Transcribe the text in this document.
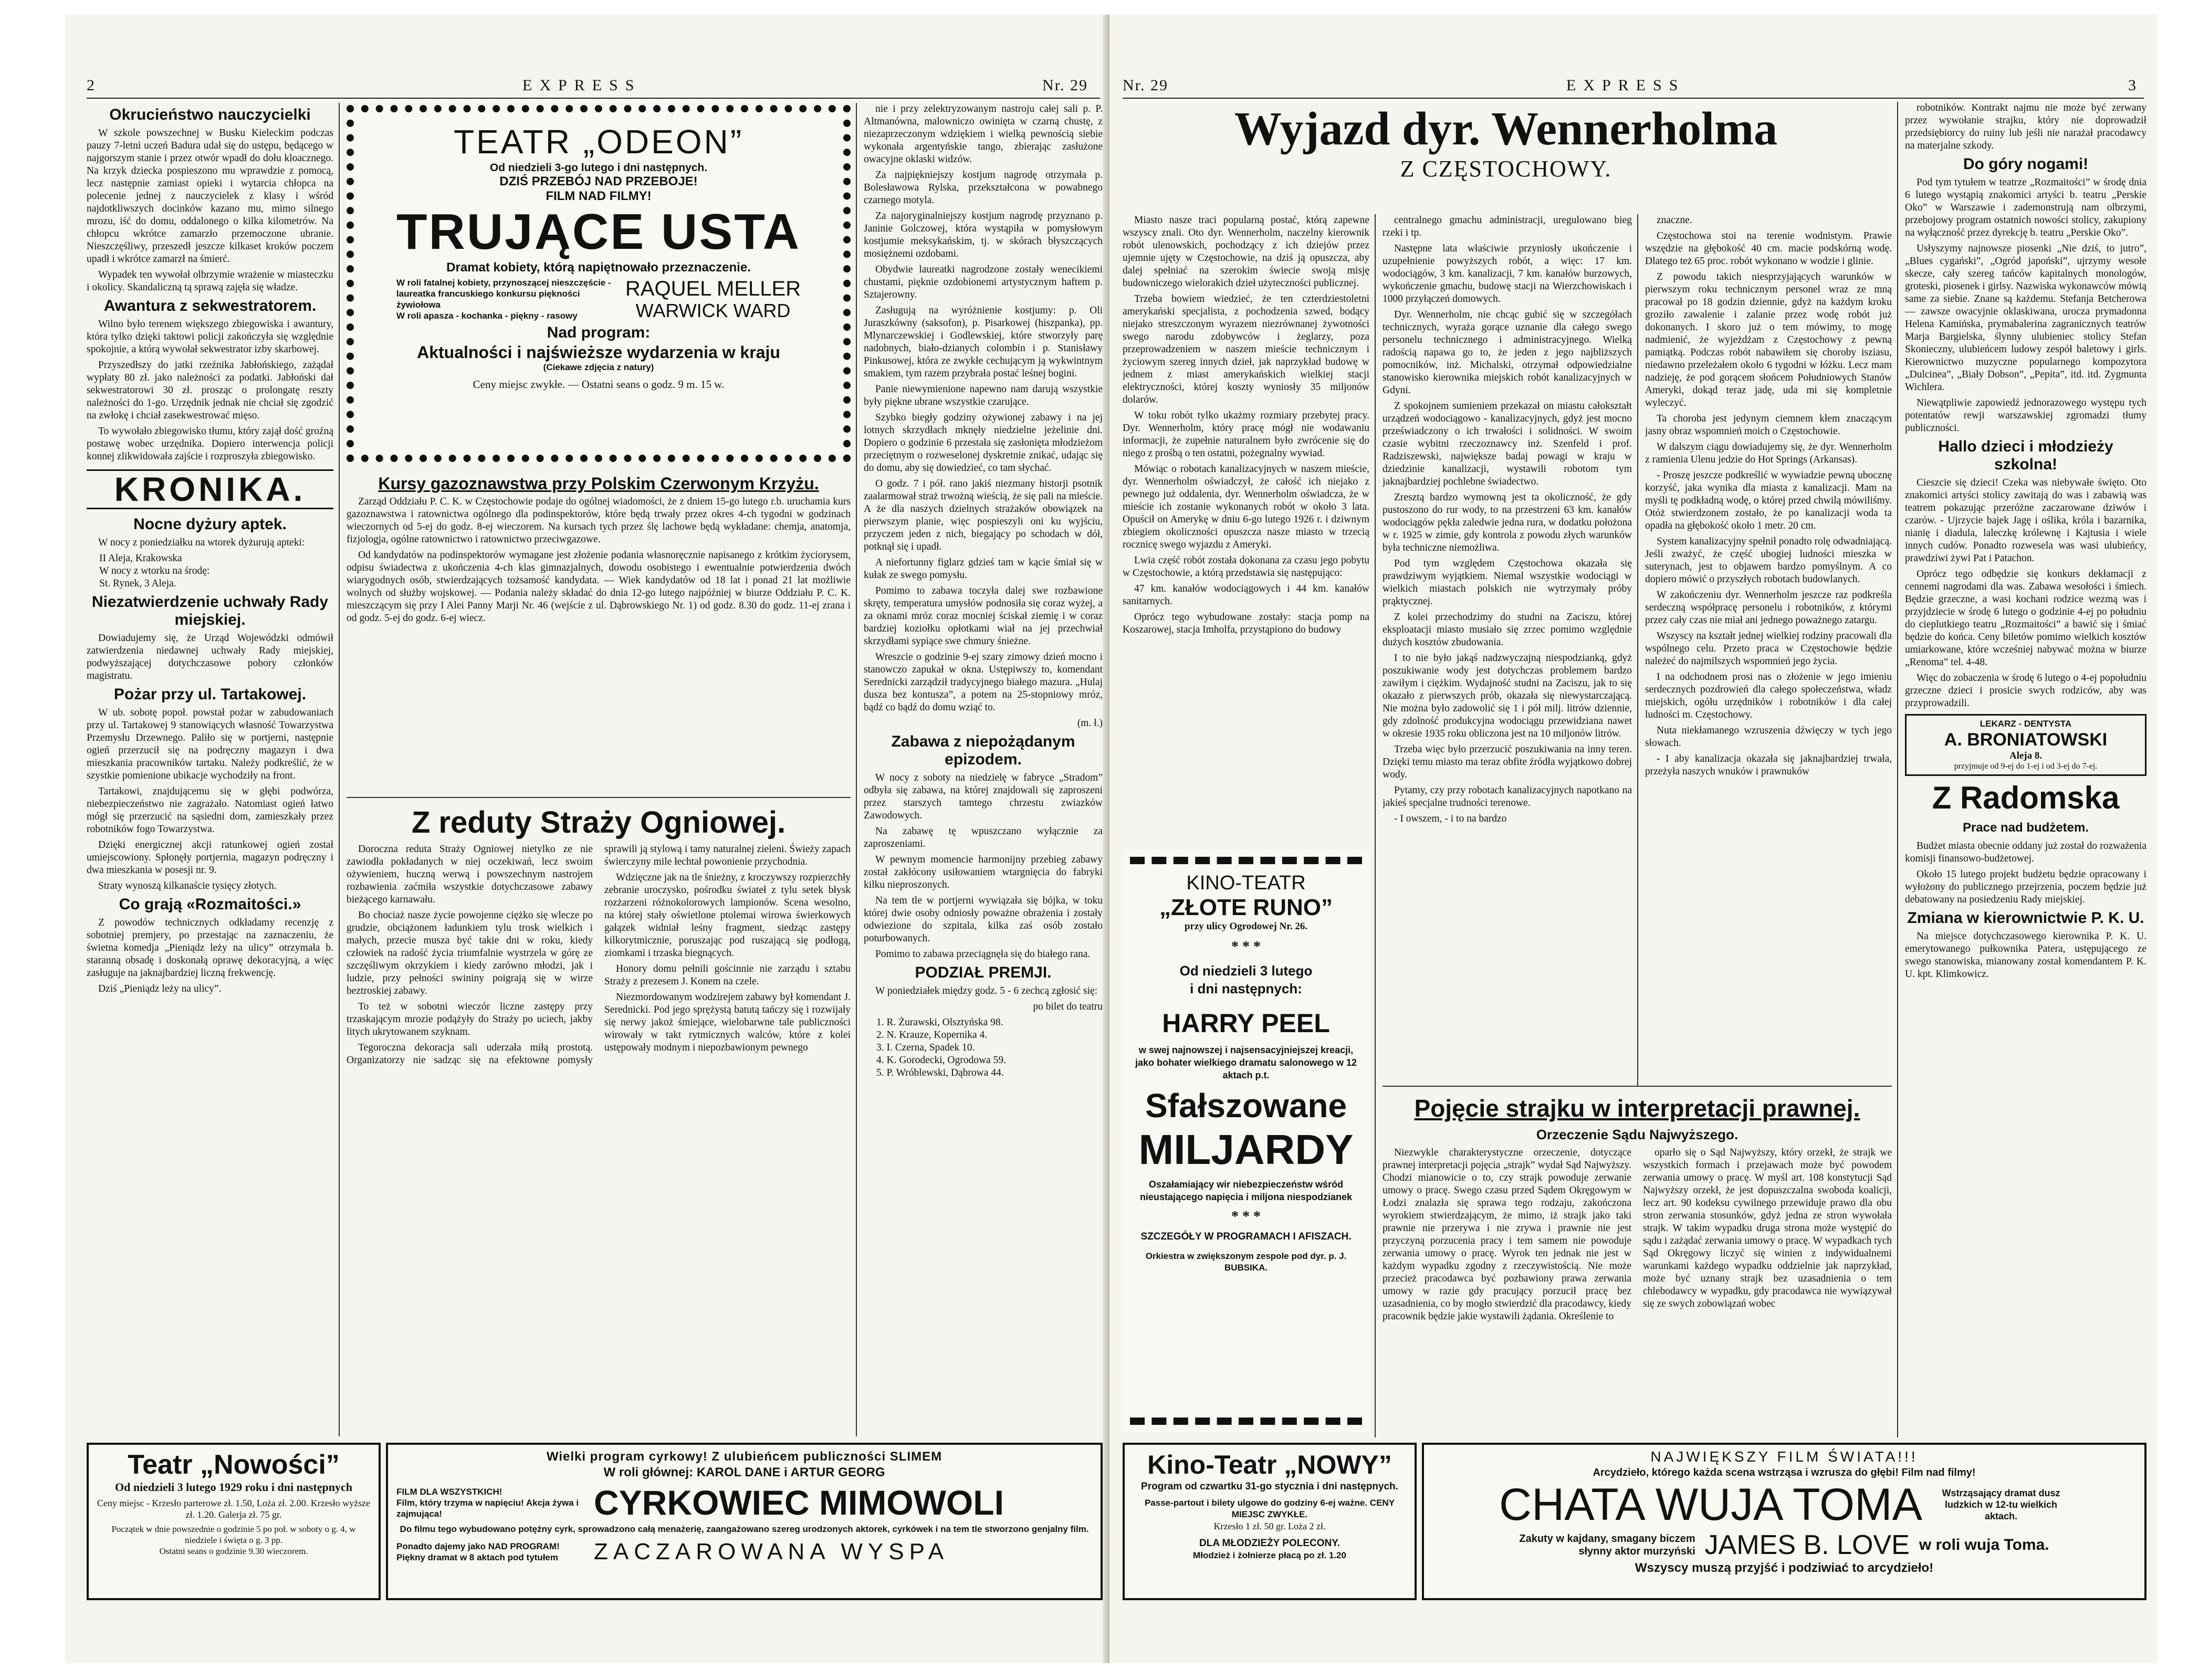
2	EXPRESS	Nr. 29
Okrucieństwo nauczycielki

W szkole powszechnej w Busku Kieleckim podczas pauzy 7-letni uczeń Badura udał się do ustępu, będącego w najgorszym stanie i przez otwór wpadł do dołu kloacznego. Na krzyk dziecka pospieszono mu wprawdzie z pomocą, lecz następnie zamiast opieki i wytarcia chłopca na polecenie jednej z nauczycielek z klasy i wśród najdotkliwszych docinków kazano mu, mimo silnego mrozu, iść do domu, oddalonego o kilka kilometrów. Na chłopcu wkrótce zamarzło przemoczone ubranie. Nieszczęśliwy, przeszedł jeszcze kilkaset kroków poczem upadł i wkrótce zamarzł na śmierć.

Wypadek ten wywołał olbrzymie wrażenie w miasteczku i okolicy. Skandaliczną tą sprawą zajęła się władze.

Awantura z sekwestratorem.

Wilno było terenem większego zbiegowiska i awantury, która tylko dzięki taktowi policji zakończyła się względnie spokojnie, a którą wywołał sekwestrator izby skarbowej.

Przyszedłszy do jatki rzeźnika Jabłońskiego, zażądał wypłaty 80 zł. jako należności za podatki. Jabłoński dał sekwestratorowi 30 zł. prosząc o prolongatę reszty należności do 1-go. Urzędnik jednak nie chciał się zgodzić na zwłokę i chciał zasekwestrować mięso.

To wywołało zbiegowisko tłumu, który zajął dość groźną postawę wobec urzędnika. Dopiero interwencja policji konnej zlikwidowała zajście i rozproszyła zbiegowisko.

KRONIKA.
Nocne dyżury aptek.

W nocy z poniedziałku na wtorek dyżurują apteki:

II Aleja, Krakowska

W nocy z wtorku na środę:

St. Rynek, 3 Aleja.

Niezatwierdzenie uchwały Rady miejskiej.

Dowiadujemy się, że Urząd Wojewódzki odmówił zatwierdzenia niedawnej uchwały Rady miejskiej, podwyższającej dotychczasowe pobory członków magistratu.

Pożar przy ul. Tartakowej.

W ub. sobotę popoł. powstał pożar w zabudowaniach przy ul. Tartakowej 9 stanowiących własność Towarzystwa Przemysłu Drzewnego. Paliło się w portjerni, następnie ogień przerzucił się na podręczny magazyn i dwa mieszkania pracowników tartaku. Należy podkreślić, że w szystkie pomienione ubikacje wychodziły na front.

Tartakowi, znajdującemu się w głębi podwórza, niebezpieczeństwo nie zagrażało. Natomiast ogień łatwo mógł się przerzucić na sąsiedni dom, zamieszkały przez robotników fogo Towarzystwa.

Dzięki energicznej akcji ratunkowej ogień został umiejscowiony. Spłonęły portjernia, magazyn podręczny i dwa mieszkania w posesji nr. 9.

Straty wynoszą kilkanaście tysięcy złotych.

Co grają «Rozmaitości.»

Z powodów technicznych odkładamy recenzję z sobotniej premjery, po przestając na zaznaczeniu, że świetna komedja „Pieniądz leży na ulicy” otrzymała b. staranną obsadę i doskonałą oprawę dekoracyjną, a więc zasługuje na jaknajbardziej liczną frekwencję.

Dziś „Pieniądz leży na ulicy”.

TEATR „ODEON”

Od niedzieli 3-go lutego i dni następnych.

DZIŚ PRZEBÓJ NAD PRZEBOJE!

FILM NAD FILMY!

TRUJĄCE USTA

Dramat kobiety, którą napiętnowało przeznaczenie.

W roli fatalnej kobiety, przynoszącej nieszczęście -

laureatka francuskiego konkursu piękności żywiołowa

W roli apasza - kochanka - piękny - rasowy

RAQUEL MELLER

WARWICK WARD

Nad program:

Aktualności i najświeższe wydarzenia w kraju

(Ciekawe zdjęcia z natury)

Ceny miejsc zwykłe. — Ostatni seans o godz. 9 m. 15 w.

Kursy gazoznawstwa przy Polskim Czerwonym Krzyżu.

Zarząd Oddziału P. C. K. w Częstochowie podaje do ogólnej wiadomości, że z dniem 15-go lutego r.b. uruchamia kurs gazoznawstwa i ratownictwa ogólnego dla podinspektorów, które będą trwały przez okres 4-ch tygodni w godzinach wieczornych od 5-ej do godz. 8-ej wieczorem. Na kursach tych przez ślę lachowe będą wykładane: chemja, anatomja, fizjologja, ogólne ratownictwo i ratownictwo przeciwgazowe.

Od kandydatów na podinspektorów wymagane jest złożenie podania własnoręcznie napisanego z krótkim życiorysem, odpisu świadectwa z ukończenia 4-ch klas gimnazjalnych, dowodu osobistego i ewentualnie potwierdzenia dwóch wiarygodnych osób, stwierdzających tożsamość kandydata. — Wiek kandydatów od 18 lat i ponad 21 lat możliwie wolnych od służby wojskowej. — Podania należy składać do dnia 12-go lutego najpóźniej w biurze Oddziału P. C. K. mieszczącym się przy I Alei Panny Marji Nr. 46 (wejście z ul. Dąbrowskiego Nr. 1) od godz. 8.30 do godz. 11-ej zrana i od godz. 5-ej do godz. 6-ej wiecz.

Z reduty Straży Ogniowej.

Doroczna reduta Straży Ogniowej nietylko ze nie zawiodła pokładanych w niej oczekiwań, lecz swoim ożywieniem, huczną werwą i powszechnym nastrojem rozbawienia zaćmiła wszystkie dotychczasowe zabawy bieżącego karnawału.

Bo chociaż nasze życie powojenne ciężko się wlecze po grudzie, obciążonem ładunkiem tylu trosk wielkich i małych, przecie musza być takie dni w roku, kiedy człowiek na radość życia triumfalnie wystrzela w górę ze szczęśliwym okrzykiem i kiedy zarówno młodzi, jak i ludzie, przy pełności swininy poigrają się w wirze beztroskiej zabawy.

To też w sobotni wieczór liczne zastępy przy trzaskającym mrozie podążyły do Straży po uciech, jakby litych ukrytowanem szyknam.

Tegoroczna dekoracja sali uderzała miłą prostotą. Organizatorzy nie sadząc się na efektowne pomysły sprawili ją stylową i tamy naturalnej zieleni. Świeży zapach świerczyny mile łechtał powonienie przychodnia.

Wdzięczne jak na tle śnieżny, z kroczywszy rozpierzchły zebranie uroczysko, pośrodku świateł z tylu setek błysk rozżarzeni różnokolorowych lampionów. Scena wesolno, na której stały oświetlone ptolemai wirowa świerkowych gałązek widniał leśny fragment, siedząc zastępy kilkorytmicznie, poruszając pod ruszającą się podłogą, ziomkami i trzaska biegnących.

Honory domu pełnili gościnnie nie zarządu i sztabu Straży z prezesem J. Konem na czele.

Niezmordowanym wodzirejem zabawy był komendant J. Serednicki. Pod jego sprężystą batutą tańczy się i rozwijały się nerwy jakoż śmiejące, wielobarwne tale publiczności wirowały w takt rytmicznych walców, które z kolei ustępowały modnym i niepozbawionym pewnego

nie i przy zelektryzowanym nastroju całej sali p. P. Altmanówna, malowniczo owinięta w czarną chustę, z niezaprzeczonym wdziękiem i wielką pewnością siebie wykonała argentyńskie tango, zbierając zasłużone owacyjne oklaski widzów.

Za najpiękniejszy kostjum nagrodę otrzymała p. Bolesławowa Rylska, przekształcona w powabnego czarnego motyla.

Za najoryginalniejszy kostjum nagrodę przyznano p. Janinie Golczowej, która wystąpiła w pomysłowym kostjumie meksykańskim, tj. w skórach błyszczących mosiężnemi ozdobami.

Obydwie laureatki nagrodzone zostały wenecikiemi chustami, pięknie ozdobionemi artystycznym haftem p. Sztajerowny.

Zasługują na wyróżnienie kostjumy: p. Oli Juraszkówny (saksofon), p. Pisarkowej (hiszpanka), pp. Mlynarczewskiej i Godlewskiej, które stworzyły parę nadobnych, biało-dzianych colombin i p. Stanisławy Pinkusowej, która ze zwykłe cechującym ją wykwintnym smakiem, tym razem przybrała postać leśnej bogini.

Panie niewymienione napewno nam darują wszystkie były piękne ubrane wszystkie czarujące.

Szybko biegły godziny ożywionej zabawy i na jej lotnych skrzydłach mknęły niedzielne jeżelinie dni. Dopiero o godzinie 6 przestała się zasłonięta młodzieżom przeciętnym o rozweselonej dyskretnie znikać, udając się do domu, aby się dowiedzieć, co tam słychać.

O godz. 7 i pół. rano jakiś niezmany historji psotnik zaalarmował straż trwożną wieścią, że się pali na mieście. A że dla naszych dzielnych strażaków obowiązek na pierwszym planie, więc pospieszyli oni ku wyjściu, przyczem jeden z nich, biegający po schodach w dół, potknął się i upadł.

A niefortunny figlarz gdzieś tam w kącie śmiał się w kułak ze swego pomysłu.

Pomimo to zabawa toczyła dalej swe rozbawione skręty, temperatura umysłów podnosiła się coraz wyżej, a za oknami mróz coraz mocniej ściskał ziemię i w coraz bardziej koziołku opłotkami wiał na jej przechwiał skrzydłami sypiące swe chmury śnieżne.

Wreszcie o godzinie 9-ej szary zimowy dzień mocno i stanowczo zapukał w okna. Ustępiwszy to, komendant Serednicki zarządził tradycyjnego białego mazura. „Hulaj dusza bez kontusza”, a potem na 25-stopniowy mróz, bądź co bądź do domu wziąć to.

(m. ł.)

Zabawa z niepożądanym epizodem.

W nocy z soboty na niedzielę w fabryce „Stradom” odbyła się zabawa, na której znajdowali się zaproszeni przez starszych tamtego chrzestu zwiazków Zawodowych.

Na zabawę tę wpuszczano wyłącznie za zaproszeniami.

W pewnym momencie harmonijny przebieg zabawy został zakłócony usiłowaniem wtargnięcia do fabryki kilku nieproszonych.

Na tem tle w portjerni wywiązała się bójka, w toku której dwie osoby odniosły poważne obrażenia i zostały odwiezione do szpitala, kilka zaś osób zostało poturbowanych.

Pomimo to zabawa przeciągnęła się do białego rana.

PODZIAŁ PREMJI.

W poniedziałek między godz. 5 - 6 zechcą zgłosić się:

po bilet do teatru

1. R. Żurawski, Olsztyńska 98.

2. N. Krauze, Kopernika 4.

3. I. Czerna, Spadek 10.

4. K. Gorodecki, Ogrodowa 59.

5. P. Wróblewski, Dąbrowa 44.

Teatr „Nowości”

Od niedzieli 3 lutego 1929 roku i dni następnych

Ceny miejsc - Krzesło parterowe zł. 1.50, Loża zł. 2.00. Krzesło wyższe zł. 1.20. Galerja zł. 75 gr.

Początek w dnie powszednie o godzinie 5 po poł. w soboty o g. 4, w niedziele i święta o g. 3 pp.

Ostatni seans o godzinie 9.30 wieczorem.

Wielki program cyrkowy! Z ulubieńcem publiczności SLIMEM

W roli głównej: KAROL DANE i ARTUR GEORG

FILM DLA WSZYSTKICH!

Film, który trzyma w napięciu! Akcja żywa i zajmująca!	CYRKOWIEC MIMOWOLI

Do filmu tego wybudowano potężny cyrk, sprowadzono całą menażerię, zaangażowano szereg urodzonych aktorek, cyrkówek i na tem tle stworzono genjalny film.

Ponadto dajemy jako NAD PROGRAM!

Piękny dramat w 8 aktach pod tytułem	ZACZAROWANA WYSPA

Nr. 29	EXPRESS	3
Wyjazd dyr. Wennerholma
Z CZĘSTOCHOWY.

Miasto nasze traci popularną postać, którą zapewne wszyscy znali. Oto dyr. Wennerholm, naczelny kierownik robót ulenowskich, pochodzący z ich dziejów przez ujemnie ujęty w Częstochowie, na dziś ją opuszcza, aby dalej spełniać na szerokim świecie swoją misję budowniczego wielorakich dzieł użyteczności publicznej.

Trzeba bowiem wiedzieć, że ten czterdziestoletni amerykański specjalista, z pochodzenia szwed, bodący niejako streszczonym wyrazem niezrównanej żywotności swego narodu zdobywców i żeglarzy, poza przeprowadzeniem w naszem mieście technicznym i życiowym szereg innych dzieł, jak naprzykład budowę w jednem z miast amerykańskich wielkiej stacji elektryczności, której koszty wyniosły 35 miljonów dolarów.

W toku robót tylko ukażmy rozmiary przebytej pracy. Dyr. Wennerholm, który pracę mógł nie wodawaniu informacji, że zupełnie naturalnem było zwrócenie się do niego z prośbą o ten ostatni, pożegnalny wywiad.

Mówiąc o robotach kanalizacyjnych w naszem mieście, dyr. Wennerholm oświadczył, że całość ich niejako z pewnego już oddalenia, dyr. Wennerholm oświadcza, że w mieście ich zostanie wykonanych robót w około 3 lata. Opuścił on Amerykę w dniu 6-go lutego 1926 r. i dziwnym zbiegiem okoliczności opuszcza nasze miasto w trzecią rocznicę swego wyjazdu z Ameryki.

Lwia część robót została dokonana za czasu jego pobytu w Częstochowie, a którą przedstawia się następująco:

47 km. kanałów wodociągowych i 44 km. kanałów sanitarnych.

Oprócz tego wybudowane zostały: stacja pomp na Koszarowej, stacja Imholfa, przystąpiono do budowy

KINO-TEATR

„ZŁOTE RUNO”

przy ulicy Ogrodowej Nr. 26.

* * *

Od niedzieli 3 lutego

i dni następnych:

HARRY PEEL

w swej najnowszej i najsensacyjniejszej kreacji, jako bohater wielkiego dramatu salonowego w 12 aktach p.t.

Sfałszowane

MILJARDY

Oszałamiający wir niebezpieczeństw wśród nieustającego napięcia i miljona niespodzianek

* * *

SZCZEGÓŁY W PROGRAMACH I AFISZACH.

Orkiestra w zwiększonym zespole pod dyr. p. J. BUBSIKA.

centralnego gmachu administracji, uregulowano bieg rzeki i tp.

Następne lata właściwie przyniosły ukończenie i uzupełnienie powyższych robót, a więc: 17 km. wodociągów, 3 km. kanalizacji, 7 km. kanałów burzowych, wykończenie gmachu, budowę stacji na Wierzchowiskach i 1000 przyłączeń domowych.

Dyr. Wennerholm, nie chcąc gubić się w szczegółach technicznych, wyraża gorące uznanie dla całego swego personelu technicznego i administracyjnego. Wielką radością napawa go to, że jeden z jego najbliższych pomocników, inż. Michalski, otrzymał odpowiedzialne stanowisko kierownika miejskich robót kanalizacyjnych w Gdyni.

Z spokojnem sumieniem przekazał on miastu całokształt urządzeń wodociągowo - kanalizacyjnych, gdyż jest mocno przeświadczony o ich trwałości i solidności. W swoim czasie wybitni rzeczoznawcy inż. Szenfeld i prof. Radziszewski, największe badaj powagi w kraju w dziedzinie kanalizacji, wystawili robotom tym jaknajbardziej pochlebne świadectwo.

Zresztą bardzo wymowną jest ta okoliczność, że gdy pustoszono do rur wody, to na przestrzeni 63 km. kanałów wodociągów pękła zaledwie jedna rura, w dodatku położona w r. 1925 w zimie, gdy kontrola z powodu złych warunków była techniczne niemożliwa.

Pod tym względem Częstochowa okazała się prawdziwym wyjątkiem. Niemal wszystkie wodociągi w wielkich miastach polskich nie wytrzymały próby prąktycznej.

Z kolei przechodzimy do studni na Zaciszu, której eksploatacji miasto musiało się zrzec pomimo względnie dużych kosztów zbudowania.

I to nie było jakąś nadzwyczajną niespodzianką, gdyż poszukiwanie wody jest dotychczas problemem bardzo zawiłym i ciężkim. Wydajność studni na Zaciszu, jak to się okazało z pierwszych prób, okazała się niewystarczającą. Nie można było zadowolić się 1 i pół milj. litrów dziennie, gdy zdolność produkcyjna wodociągu przewidziana nawet w okresie 1935 roku obliczona jest na 10 miljonów litrów.

Trzeba więc było przerzucić poszukiwania na inny teren. Dzięki temu miasto ma teraz obfite źródła wyjątkowo dobrej wody.

Pytamy, czy przy robotach kanalizacyjnych napotkano na jakieś specjalne trudności terenowe.

- I owszem, - i to na bardzo

znaczne.

Częstochowa stoi na terenie wodnistym. Prawie wszędzie na głębokość 40 cm. macie podskórną wodę. Dlatego też 65 proc. robót wykonano w wodzie i glinie.

Z powodu takich niesprzyjających warunków w pierwszym roku technicznym personel wraz ze mną pracował po 18 godzin dziennie, gdyż na każdym kroku groziło zawalenie i zalanie przez wodę robót już dokonanych. I skoro już o tem mówimy, to mogę nadmienić, że wyjeżdżam z Częstochowy z pewną pamiątką. Podczas robót nabawiłem się choroby isziasu, niedawno przeleżałem około 6 tygodni w łóżku. Lecz mam nadzieję, że pod gorącem słońcem Południowych Stanów Ameryki, dokąd teraz jadę, uda mi się kompletnie wyleczyć.

Ta choroba jest jedynym ciemnem kłem znaczącym jasny obraz wspomnień moich o Częstochowie.

W dalszym ciągu dowiadujemy się, że dyr. Wennerholm z ramienia Ulenu jedzie do Hot Springs (Arkansas).

- Proszę jeszcze podkreślić w wywiadzie pewną ubocznę korzyść, jaka wynika dla miasta z kanalizacji. Mam na myśli tę podkładną wodę, o której przed chwilą mówiliśmy. Otóż stwierdzonem zostało, że po kanalizacji woda ta opadła na głębokość około 1 metr. 20 cm.

System kanalizacyjny spełnił ponadto rolę odwadniającą. Jeśli zważyć, że część ubogiej ludności mieszka w suterynach, jest to objawem bardzo pomyślnym. A co dopiero mówić o przyszłych robotach budowlanych.

W zakończeniu dyr. Wennerholm jeszcze raz podkreśla serdeczną współpracę personelu i robotników, z którymi przez cały czas nie miał ani jednego poważnego zatargu.

Wszyscy na kształt jednej wielkiej rodziny pracowali dla wspólnego celu. Przeto praca w Częstochowie będzie należeć do najmilszych wspomnień jego życia.

I na odchodnem prosi nas o złożenie w jego imieniu serdecznych pozdrowień dla całego społeczeństwa, władz miejskich, ogółu urzędników i robotników i dla całej ludności m. Częstochowy.

Nuta niekłamanego wzruszenia dźwięczy w tych jego słowach.

- I aby kanalizacja okazała się jaknajbardziej trwała, przeżyła naszych wnuków i prawnuków

Pojęcie strajku w interpretacji prawnej.
Orzeczenie Sądu Najwyższego.

Niezwykle charakterystyczne orzeczenie, dotyczące prawnej interpretacji pojęcia „strajk” wydał Sąd Najwyższy. Chodzi mianowicie o to, czy strajk powoduje zerwanie umowy o pracę. Swego czasu przed Sądem Okręgowym w Łodzi znalazła się sprawa tego rodzaju, zakończona wyrokiem stwierdzającym, że mimo, iż strajk jako taki prawnie nie przerywa i nie zrywa i prawnie nie jest przyczyną porzucenia pracy i tem samem nie powoduje zerwania umowy o pracę. Wyrok ten jednak nie jest w każdym wypadku zgodny z rzeczywistością. Nie może przecież pracodawca być pozbawiony prawa zerwania umowy w razie gdy pracujący porzucił pracę bez uzasadnienia, co by mogło stwierdzić dla pracodawcy, kiedy pracownik będzie jakie wystawili żądania. Określenie to

oparło się o Sąd Najwyższy, który orzekł, że strajk we wszystkich formach i przejawach może być powodem zerwania umowy o pracę. W myśl art. 108 konstytucji Sąd Najwyższy orzekł, że jest dopuszczalna swoboda koalicji, lecz art. 90 kodeksu cywilnego przewiduje prawo dla obu stron zerwania stosunków, gdyż jedna ze stron wywołała strajk. W takim wypadku druga strona może występić do sądu i zażądać zerwania umowy o pracę. W wypadkach tych Sąd Okręgowy liczyć się winien z indywidualnemi warunkami każdego wypadku oddzielnie jak naprzykład, może być uznany strajk bez uzasadnienia o tem chlebodawcy w wypadku, gdy pracodawca nie wywiązywał się ze swych zobowiązań wobec

robotników. Kontrakt najmu nie może być zerwany przez wywołanie strajku, który nie doprowadził przedsiębiorcy do ruiny lub jeśli nie narażał pracodawcy na materjalne szkody.

Do góry nogami!

Pod tym tytułem w teatrze „Rozmaitości” w środę dnia 6 lutego wystąpią znakomici artyści b. teatru „Perskie Oko” w Warszawie i zademonstrują nam olbrzymi, przebojowy program ostatnich nowości stolicy, zakupiony na wyłączność przez dyrekcję b. teatru „Perskie Oko”.

Usłyszymy najnowsze piosenki „Nie dziś, to jutro”, „Blues cygański”, „Ogród japoński”, ujrzymy wesołe skecze, cały szereg tańców kapitalnych monologów, groteski, piosenek i girlsy. Nazwiska wykonawców mówią same za siebie. Znane są każdemu. Stefanja Betcherowa — zawsze owacyjnie oklaskiwana, urocza prymadonna Helena Kamińska, prymabalerina zagranicznych teatrów Marja Bargielska, ślynny ulubieniec stolicy Stefan Skonieczny, ulubieńcem ludowy zespół baletowy i girls. Kierownictwo muzyczne popularnego kompozytora „Dulcinea”, „Biały Dobson”, „Pepita”, itd. itd. Zygmunta Wichlera.

Niewątpliwie zapowiedź jednorazowego występu tych potentatów rewji warszawskiej zgromadzi tłumy publiczności.

Hallo dzieci i młodzieży szkolna!

Cieszcie się dzieci! Czeka was niebywałe święto. Oto znakomici artyści stolicy zawitają do was i zabawią was teatrem pokazując przeróżne zaczarowane dziwów i czarów. - Ujrzycie bajek Jagę i oślika, króla i bazarnika, nianię i diadula, laleczkę królewnę i Kajtusia i wiele innych cudów. Ponadto rozwesela was wasi ulubieńcy, prawdziwi żywi Pat i Patachon.

Oprócz tego odbędzie się konkurs dekłamacji z cennemi nagrodami dla was. Zabawa wesołości i śmiech. Będzie grzeczne, a wasi kochani rodzice wezmą was i przyjdziecie w środę 6 lutego o godzinie 4-ej po południu do cieplutkiego teatru „Rozmaitości” a bawić się i śmiać będzie do końca. Ceny biletów pomimo wielkich kosztów umiarkowane, które wcześniej nabywać można w biurze „Renoma” tel. 4-48.

Więc do zobaczenia w środę 6 lutego o 4-ej popołudniu grzeczne dzieci i prosicie swych rodziców, aby was przyprowadzili.

LEKARZ - DENTYSTA

A. BRONIATOWSKI

Aleja 8.

przyjmuje od 9-ej do 1-ej i od 3-ej do 7-ej.

Z Radomska
Prace nad budżetem.

Budżet miasta obecnie oddany już został do rozważenia komisji finansowo-budżetowej.

Około 15 lutego projekt budżetu będzie opracowany i wyłożony do publicznego przejrzenia, poczem będzie już debatowany na posiedzeniu Rady miejskiej.

Zmiana w kierownictwie P. K. U.

Na miejsce dotychczasowego kierownika P. K. U. emerytowanego pułkownika Patera, ustępującego ze swego stanowiska, mianowany został komendantem P. K. U. kpt. Klimkowicz.

Kino-Teatr „NOWY”

Program od czwartku 31-go stycznia i dni następnych.

Passe-partout i bilety ulgowe do godziny 6-ej ważne. CENY MIEJSC ZWYKŁE.

Krzesło 1 zł. 50 gr. Loża 2 zł.

DLA MŁODZIEŻY POLECONY.

Młodzież i żołnierze płacą po zł. 1.20

NAJWIĘKSZY FILM ŚWIATA!!!

Arcydzieło, którego każda scena wstrząsa i wzrusza do głębi! Film nad filmy!

CHATA WUJA TOMA	Wstrząsający dramat dusz ludzkich w 12-tu wielkich aktach.

Zakuty w kajdany, smagany biczem

słynny aktor murzyński JAMES B. LOVE w roli wuja Toma.

Wszyscy muszą przyjść i podziwiać to arcydzieło!
